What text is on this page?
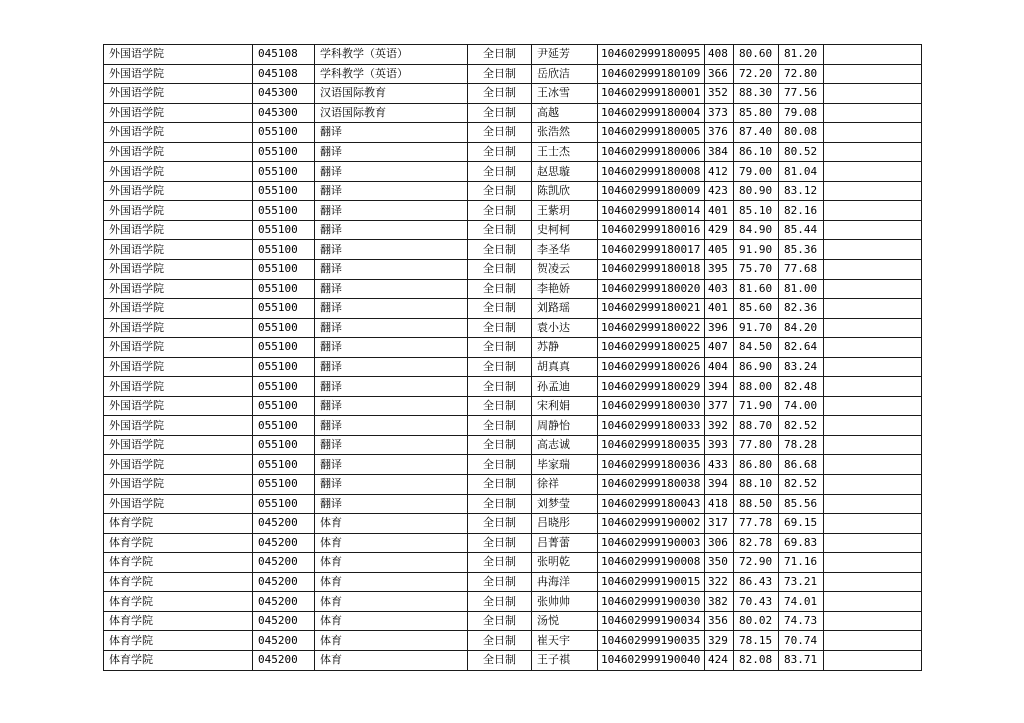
外国语学院	045108	学科教学（英语）	全日制	尹延芳	104602999180095	408	80.60	81.20	
外国语学院	045108	学科教学（英语）	全日制	岳欣洁	104602999180109	366	72.20	72.80	
外国语学院	045300	汉语国际教育	全日制	王冰雪	104602999180001	352	88.30	77.56	
外国语学院	045300	汉语国际教育	全日制	高越	104602999180004	373	85.80	79.08	
外国语学院	055100	翻译	全日制	张浩然	104602999180005	376	87.40	80.08	
外国语学院	055100	翻译	全日制	王士杰	104602999180006	384	86.10	80.52	
外国语学院	055100	翻译	全日制	赵思璇	104602999180008	412	79.00	81.04	
外国语学院	055100	翻译	全日制	陈凯欣	104602999180009	423	80.90	83.12	
外国语学院	055100	翻译	全日制	王紫玥	104602999180014	401	85.10	82.16	
外国语学院	055100	翻译	全日制	史柯柯	104602999180016	429	84.90	85.44	
外国语学院	055100	翻译	全日制	李圣华	104602999180017	405	91.90	85.36	
外国语学院	055100	翻译	全日制	贺凌云	104602999180018	395	75.70	77.68	
外国语学院	055100	翻译	全日制	李艳娇	104602999180020	403	81.60	81.00	
外国语学院	055100	翻译	全日制	刘路瑶	104602999180021	401	85.60	82.36	
外国语学院	055100	翻译	全日制	袁小达	104602999180022	396	91.70	84.20	
外国语学院	055100	翻译	全日制	苏静	104602999180025	407	84.50	82.64	
外国语学院	055100	翻译	全日制	胡真真	104602999180026	404	86.90	83.24	
外国语学院	055100	翻译	全日制	孙孟迪	104602999180029	394	88.00	82.48	
外国语学院	055100	翻译	全日制	宋利娟	104602999180030	377	71.90	74.00	
外国语学院	055100	翻译	全日制	周静怡	104602999180033	392	88.70	82.52	
外国语学院	055100	翻译	全日制	高志诚	104602999180035	393	77.80	78.28	
外国语学院	055100	翻译	全日制	毕家瑞	104602999180036	433	86.80	86.68	
外国语学院	055100	翻译	全日制	徐祥	104602999180038	394	88.10	82.52	
外国语学院	055100	翻译	全日制	刘梦莹	104602999180043	418	88.50	85.56	
体育学院	045200	体育	全日制	吕晓彤	104602999190002	317	77.78	69.15	
体育学院	045200	体育	全日制	吕菁蕾	104602999190003	306	82.78	69.83	
体育学院	045200	体育	全日制	张明乾	104602999190008	350	72.90	71.16	
体育学院	045200	体育	全日制	冉海洋	104602999190015	322	86.43	73.21	
体育学院	045200	体育	全日制	张帅帅	104602999190030	382	70.43	74.01	
体育学院	045200	体育	全日制	汤悦	104602999190034	356	80.02	74.73	
体育学院	045200	体育	全日制	崔天宇	104602999190035	329	78.15	70.74	
体育学院	045200	体育	全日制	王子祺	104602999190040	424	82.08	83.71	
